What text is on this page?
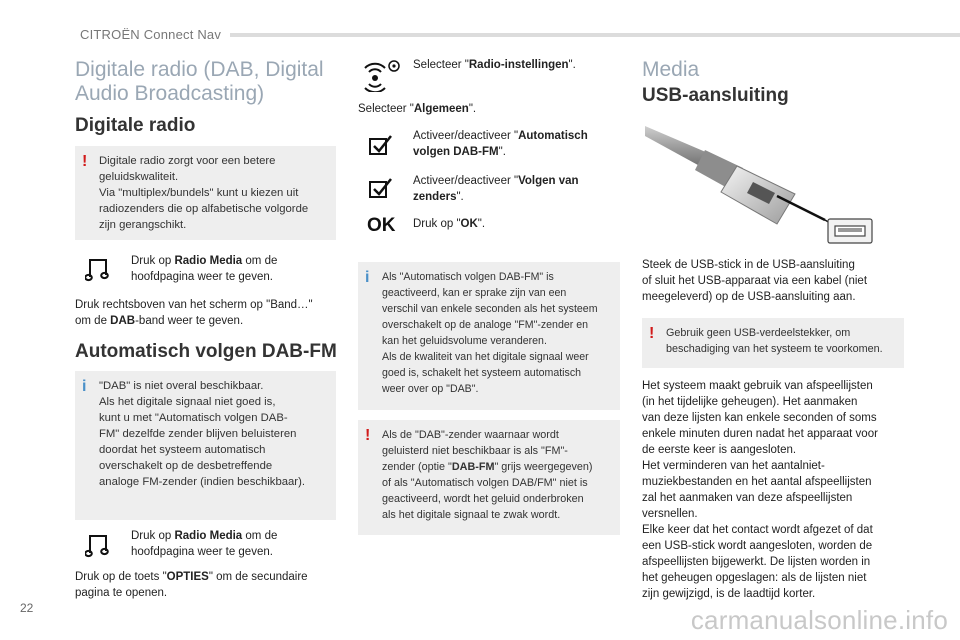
CITROËN Connect Nav
Digitale radio (DAB, Digital
Audio Broadcasting)
Digitale radio
! Digitale radio zorgt voor een betere
geluidskwaliteit.
Via "multiplex/bundels" kunt u kiezen uit
radiozenders die op alfabetische volgorde
zijn gerangschikt.
Druk op Radio Media om de
hoofdpagina weer te geven.
Druk rechtsboven van het scherm op "Band…"
om de DAB-band weer te geven.
Automatisch volgen DAB-FM
i "DAB" is niet overal beschikbaar.
Als het digitale signaal niet goed is,
kunt u met "Automatisch volgen DAB-
FM" dezelfde zender blijven beluisteren
doordat het systeem automatisch
overschakelt op de desbetreffende
analoge FM-zender (indien beschikbaar).
Druk op Radio Media om de
hoofdpagina weer te geven.
Druk op de toets "OPTIES" om de secundaire
pagina te openen.
Selecteer "Radio-instellingen".
Selecteer "Algemeen".
Activeer/deactiveer "Automatisch
volgen DAB-FM".
Activeer/deactiveer "Volgen van
zenders".
OK Druk op "OK".
i Als "Automatisch volgen DAB-FM" is
geactiveerd, kan er sprake zijn van een
verschil van enkele seconden als het systeem
overschakelt op de analoge "FM"-zender en
kan het geluidsvolume veranderen.
Als de kwaliteit van het digitale signaal weer
goed is, schakelt het systeem automatisch
weer over op "DAB".
! Als de "DAB"-zender waarnaar wordt
geluisterd niet beschikbaar is als "FM"-
zender (optie "DAB-FM" grijs weergegeven)
of als "Automatisch volgen DAB/FM" niet is
geactiveerd, wordt het geluid onderbroken
als het digitale signaal te zwak wordt.
Media
USB-aansluiting
Steek de USB-stick in de USB-aansluiting
of sluit het USB-apparaat via een kabel (niet
meegeleverd) op de USB-aansluiting aan.
! Gebruik geen USB-verdeelstekker, om
beschadiging van het systeem te voorkomen.
Het systeem maakt gebruik van afspeellijsten
(in het tijdelijke geheugen). Het aanmaken
van deze lijsten kan enkele seconden of soms
enkele minuten duren nadat het apparaat voor
de eerste keer is aangesloten.
Het verminderen van het aantalniet-
muziekbestanden en het aantal afspeellijsten
zal het aanmaken van deze afspeellijsten
versnellen.
Elke keer dat het contact wordt afgezet of dat
een USB-stick wordt aangesloten, worden de
afspeellijsten bijgewerkt. De lijsten worden in
het geheugen opgeslagen: als de lijsten niet
zijn gewijzigd, is de laadtijd korter.
22	carmanualsonline.info
